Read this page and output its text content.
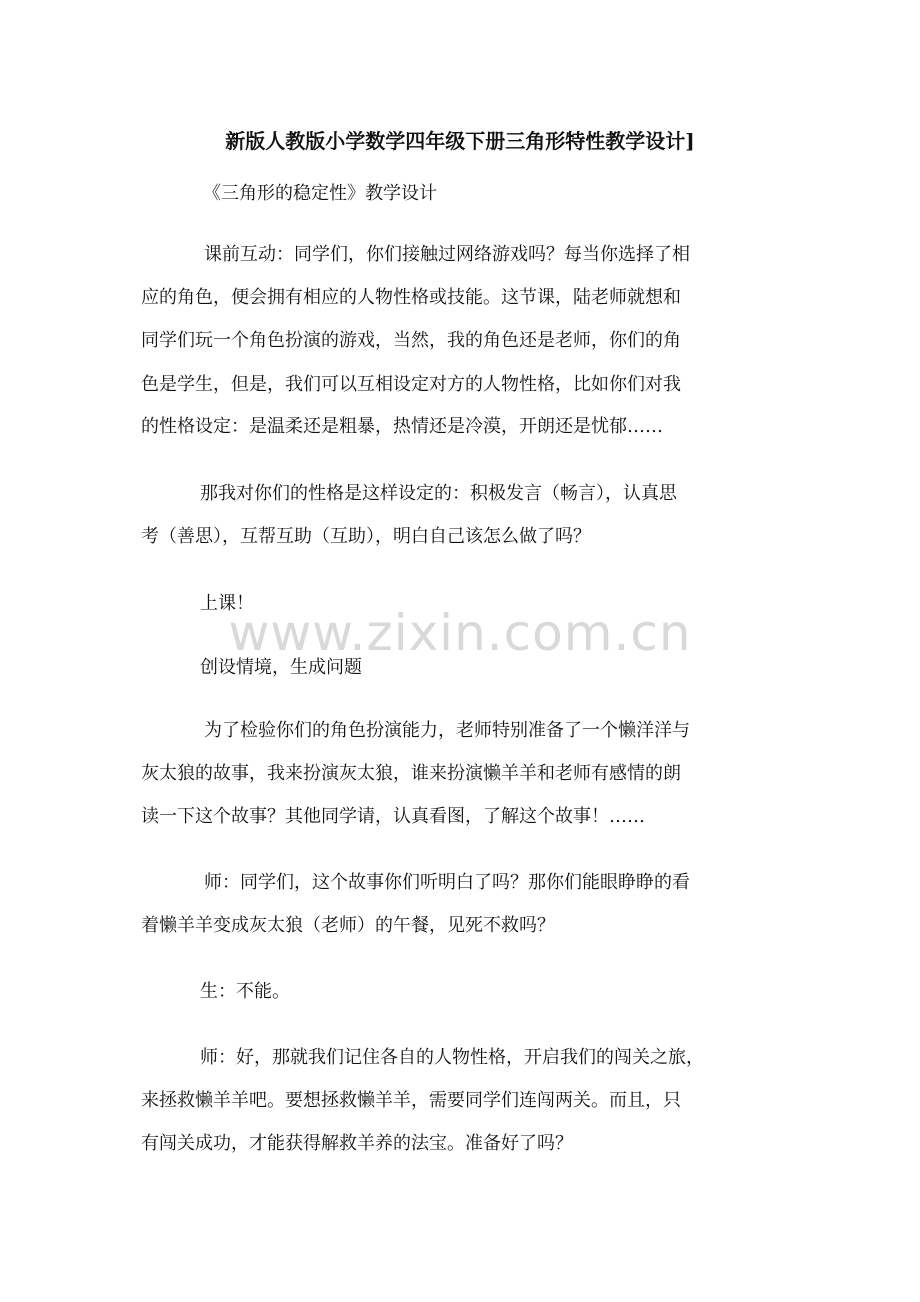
新版人教版小学数学四年级下册三角形特性教学设计]

《三角形的稳定性》教学设计

课前互动：同学们，你们接触过网络游戏吗？每当你选择了相

应的角色，便会拥有相应的人物性格或技能。这节课，陆老师就想和

同学们玩一个角色扮演的游戏，当然，我的角色还是老师，你们的角

色是学生，但是，我们可以互相设定对方的人物性格，比如你们对我

的性格设定：是温柔还是粗暴，热情还是冷漠，开朗还是忧郁……

那我对你们的性格是这样设定的：积极发言（畅言），认真思

考（善思），互帮互助（互助），明白自己该怎么做了吗？

上课！

创设情境，生成问题

为了检验你们的角色扮演能力，老师特别准备了一个懒洋洋与

灰太狼的故事，我来扮演灰太狼，谁来扮演懒羊羊和老师有感情的朗

读一下这个故事？其他同学请，认真看图，了解这个故事！……

师：同学们，这个故事你们听明白了吗？那你们能眼睁睁的看

着懒羊羊变成灰太狼（老师）的午餐，见死不救吗？

生：不能。

师：好，那就我们记住各自的人物性格，开启我们的闯关之旅，

来拯救懒羊羊吧。要想拯救懒羊羊，需要同学们连闯两关。而且，只

有闯关成功，才能获得解救羊养的法宝。准备好了吗？

www.zixin.com.cn
